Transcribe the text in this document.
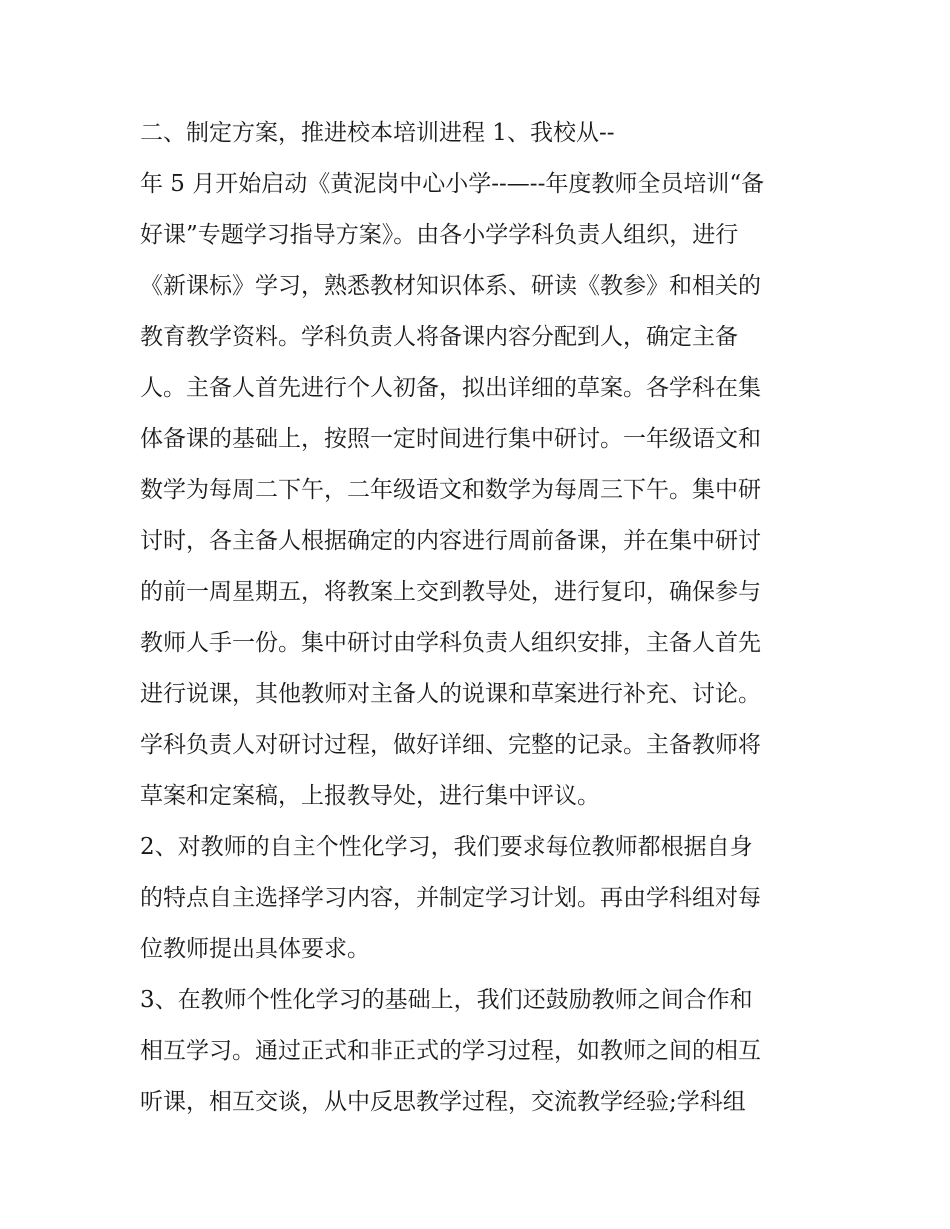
二、制定方案，推进校本培训进程 1、我校从--
年 5 月开始启动《黄泥岗中心小学--—--年度教师全员培训“备
好课”专题学习指导方案》。由各小学学科负责人组织，进行
《新课标》学习，熟悉教材知识体系、研读《教参》和相关的
教育教学资料。学科负责人将备课内容分配到人，确定主备
人。主备人首先进行个人初备，拟出详细的草案。各学科在集
体备课的基础上，按照一定时间进行集中研讨。一年级语文和
数学为每周二下午，二年级语文和数学为每周三下午。集中研
讨时，各主备人根据确定的内容进行周前备课，并在集中研讨
的前一周星期五，将教案上交到教导处，进行复印，确保参与
教师人手一份。集中研讨由学科负责人组织安排，主备人首先
进行说课，其他教师对主备人的说课和草案进行补充、讨论。
学科负责人对研讨过程，做好详细、完整的记录。主备教师将
草案和定案稿，上报教导处，进行集中评议。
2、对教师的自主个性化学习，我们要求每位教师都根据自身
的特点自主选择学习内容，并制定学习计划。再由学科组对每
位教师提出具体要求。
3、在教师个性化学习的基础上，我们还鼓励教师之间合作和
相互学习。通过正式和非正式的学习过程，如教师之间的相互
听课，相互交谈，从中反思教学过程，交流教学经验;学科组
